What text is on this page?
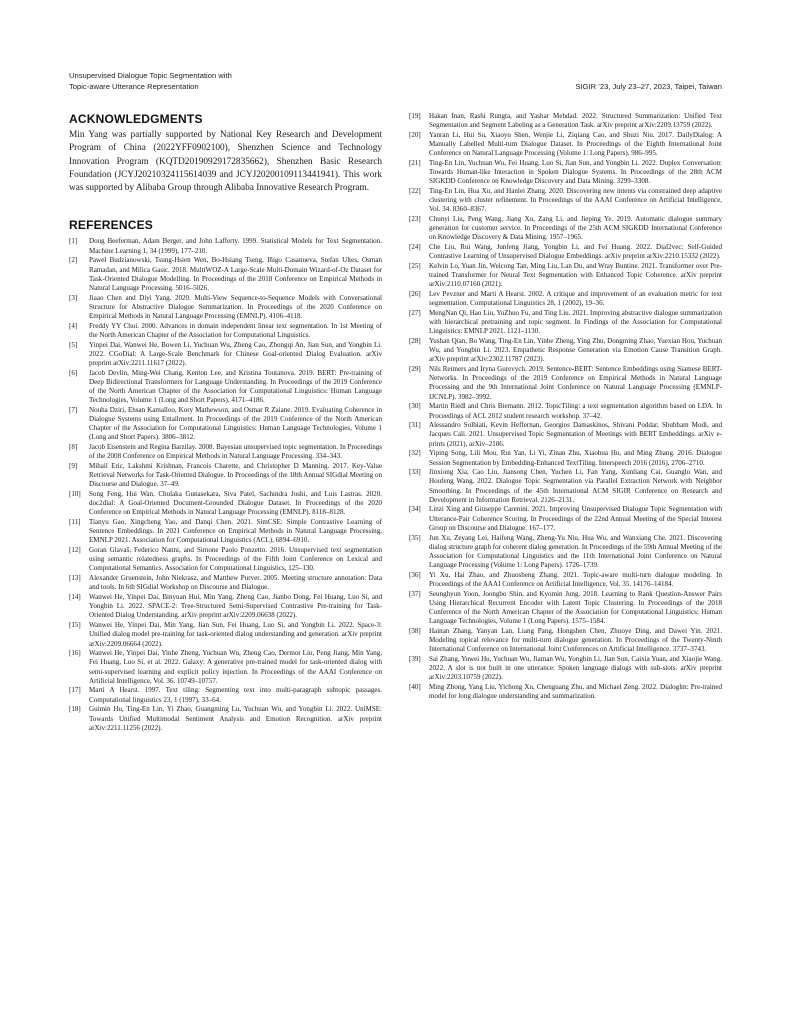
Unsupervised Dialogue Topic Segmentation with
Topic-aware Utterance Representation	SIGIR ’23, July 23–27, 2023, Taipei, Taiwan
ACKNOWLEDGMENTS

Min Yang was partially supported by National Key Research and Development Program of China (2022YFF0902100), Shenzhen Science and Technology Innovation Program (KQTD20190929172835662), Shenzhen Basic Research Foundation (JCYJ20210324115614039 and JCYJ20200109113441941). This work was supported by Alibaba Group through Alibaba Innovative Research Program.

REFERENCES
[1]	Doug Beeferman, Adam Berger, and John Lafferty. 1999. Statistical Models for Text Segmentation. Machine Learning 1, 34 (1999), 177–210.
[2]	Paweł Budzianowski, Tsung-Hsien Wen, Bo-Hsiang Tseng, Iñigo Casanueva, Stefan Ultes, Osman Ramadan, and Milica Gasic. 2018. MultiWOZ-A Large-Scale Multi-Domain Wizard-of-Oz Dataset for Task-Oriented Dialogue Modelling. In Proceedings of the 2018 Conference on Empirical Methods in Natural Language Processing. 5016–5026.
[3]	Jiaao Chen and Diyi Yang. 2020. Multi-View Sequence-to-Sequence Models with Conversational Structure for Abstractive Dialogue Summarization. In Proceedings of the 2020 Conference on Empirical Methods in Natural Language Processing (EMNLP). 4106–4118.
[4]	Freddy YY Choi. 2000. Advances in domain independent linear text segmentation. In 1st Meeting of the North American Chapter of the Association for Computational Linguistics.
[5]	Yinpei Dai, Wanwei He, Bowen Li, Yuchuan Wu, Zheng Cao, Zhongqi An, Jian Sun, and Yongbin Li. 2022. CGoDial: A Large-Scale Benchmark for Chinese Goal-oriented Dialog Evaluation. arXiv preprint arXiv:2211.11617 (2022).
[6]	Jacob Devlin, Ming-Wei Chang, Kenton Lee, and Kristina Toutanova. 2019. BERT: Pre-training of Deep Bidirectional Transformers for Language Understanding. In Proceedings of the 2019 Conference of the North American Chapter of the Association for Computational Linguistics: Human Language Technologies, Volume 1 (Long and Short Papers). 4171–4186.
[7]	Nouha Dziri, Ehsan Kamalloo, Kory Mathewson, and Osmar R Zaiane. 2019. Evaluating Coherence in Dialogue Systems using Entailment. In Proceedings of the 2019 Conference of the North American Chapter of the Association for Computational Linguistics: Human Language Technologies, Volume 1 (Long and Short Papers). 3806–3812.
[8]	Jacob Eisenstein and Regina Barzilay. 2008. Bayesian unsupervised topic segmentation. In Proceedings of the 2008 Conference on Empirical Methods in Natural Language Processing. 334–343.
[9]	Mihail Eric, Lakshmi Krishnan, Francois Charette, and Christopher D Manning. 2017. Key-Value Retrieval Networks for Task-Oriented Dialogue. In Proceedings of the 18th Annual SIGdial Meeting on Discourse and Dialogue. 37–49.
[10]	Song Feng, Hui Wan, Chulaka Gunasekara, Siva Patel, Sachindra Joshi, and Luis Lastras. 2020. doc2dial: A Goal-Oriented Document-Grounded Dialogue Dataset. In Proceedings of the 2020 Conference on Empirical Methods in Natural Language Processing (EMNLP). 8118–8128.
[11]	Tianyu Gao, Xingcheng Yao, and Danqi Chen. 2021. SimCSE: Simple Contrastive Learning of Sentence Embeddings. In 2021 Conference on Empirical Methods in Natural Language Processing, EMNLP 2021. Association for Computational Linguistics (ACL), 6894–6910.
[12]	Goran Glavaš, Federico Nanni, and Simone Paolo Ponzetto. 2016. Unsupervised text segmentation using semantic relatedness graphs. In Proceedings of the Fifth Joint Conference on Lexical and Computational Semantics. Association for Computational Linguistics, 125–130.
[13]	Alexander Gruenstein, John Niekrasz, and Matthew Purver. 2005. Meeting structure annotation: Data and tools. In 6th SIGdial Workshop on Discourse and Dialogue.
[14]	Wanwei He, Yinpei Dai, Binyuan Hui, Min Yang, Zheng Cao, Jianbo Dong, Fei Huang, Luo Si, and Yongbin Li. 2022. SPACE-2: Tree-Structured Semi-Supervised Contrastive Pre-training for Task-Oriented Dialog Understanding. arXiv preprint arXiv:2209.06638 (2022).
[15]	Wanwei He, Yinpei Dai, Min Yang, Jian Sun, Fei Huang, Luo Si, and Yongbin Li. 2022. Space-3: Unified dialog model pre-training for task-oriented dialog understanding and generation. arXiv preprint arXiv:2209.06664 (2022).
[16]	Wanwei He, Yinpei Dai, Yinhe Zheng, Yuchuan Wu, Zheng Cao, Dermot Liu, Peng Jiang, Min Yang, Fei Huang, Luo Si, et al. 2022. Galaxy: A generative pre-trained model for task-oriented dialog with semi-supervised learning and explicit policy injection. In Proceedings of the AAAI Conference on Artificial Intelligence, Vol. 36. 10749–10757.
[17]	Marti A Hearst. 1997. Text tiling: Segmenting text into multi-paragraph subtopic passages. Computational linguistics 23, 1 (1997), 33–64.
[18]	Guimin Hu, Ting-En Lin, Yi Zhao, Guangming Lu, Yuchuan Wu, and Yongbin Li. 2022. UniMSE: Towards Unified Multimodal Sentiment Analysis and Emotion Recognition. arXiv preprint arXiv:2211.11256 (2022).
[19]	Hakan Inan, Rashi Rungta, and Yashar Mehdad. 2022. Structured Summarization: Unified Text Segmentation and Segment Labeling as a Generation Task. arXiv preprint arXiv:2209.13759 (2022).
[20]	Yanran Li, Hui Su, Xiaoyu Shen, Wenjie Li, Ziqiang Cao, and Shuzi Niu. 2017. DailyDialog: A Manually Labelled Multi-turn Dialogue Dataset. In Proceedings of the Eighth International Joint Conference on Natural Language Processing (Volume 1: Long Papers). 986–995.
[21]	Ting-En Lin, Yuchuan Wu, Fei Huang, Luo Si, Jian Sun, and Yongbin Li. 2022. Duplex Conversation: Towards Human-like Interaction in Spoken Dialogue Systems. In Proceedings of the 28th ACM SIGKDD Conference on Knowledge Discovery and Data Mining. 3299–3308.
[22]	Ting-En Lin, Hua Xu, and Hanlei Zhang. 2020. Discovering new intents via constrained deep adaptive clustering with cluster refinement. In Proceedings of the AAAI Conference on Artificial Intelligence, Vol. 34. 8360–8367.
[23]	Chunyi Liu, Peng Wang, Jiang Xu, Zang Li, and Jieping Ye. 2019. Automatic dialogue summary generation for customer service. In Proceedings of the 25th ACM SIGKDD International Conference on Knowledge Discovery & Data Mining. 1957–1965.
[24]	Che Liu, Rui Wang, Junfeng Jiang, Yongbin Li, and Fei Huang. 2022. Dial2vec: Self-Guided Contrastive Learning of Unsupervised Dialogue Embeddings. arXiv preprint arXiv:2210.15332 (2022).
[25]	Kelvin Lo, Yuan Jin, Weicong Tan, Ming Liu, Lan Du, and Wray Buntine. 2021. Transformer over Pre-trained Transformer for Neural Text Segmentation with Enhanced Topic Coherence. arXiv preprint arXiv:2110.07160 (2021).
[26]	Lev Pevzner and Marti A Hearst. 2002. A critique and improvement of an evaluation metric for text segmentation. Computational Linguistics 28, 1 (2002), 19–36.
[27]	MengNan Qi, Hao Liu, YuZhuo Fu, and Ting Liu. 2021. Improving abstractive dialogue summarization with hierarchical pretraining and topic segment. In Findings of the Association for Computational Linguistics: EMNLP 2021. 1121–1130.
[28]	Yushan Qian, Bo Wang, Ting-En Lin, Yinhe Zheng, Ying Zhu, Dongming Zhao, Yuexian Hou, Yuchuan Wu, and Yongbin Li. 2023. Empathetic Response Generation via Emotion Cause Transition Graph. arXiv preprint arXiv:2302.11787 (2023).
[29]	Nils Reimers and Iryna Gurevych. 2019. Sentence-BERT: Sentence Embeddings using Siamese BERT-Networks. In Proceedings of the 2019 Conference on Empirical Methods in Natural Language Processing and the 9th International Joint Conference on Natural Language Processing (EMNLP-IJCNLP). 3982–3992.
[30]	Martin Riedl and Chris Biemann. 2012. TopicTiling: a text segmentation algorithm based on LDA. In Proceedings of ACL 2012 student research workshop. 37–42.
[31]	Alessandro Solbiati, Kevin Heffernan, Georgios Damaskinos, Shivani Poddar, Shubham Modi, and Jacques Cali. 2021. Unsupervised Topic Segmentation of Meetings with BERT Embeddings. arXiv e-prints (2021), arXiv–2106.
[32]	Yiping Song, Lili Mou, Rui Yan, Li Yi, Zinan Zhu, Xiaohua Hu, and Ming Zhang. 2016. Dialogue Session Segmentation by Embedding-Enhanced TextTiling. Interspeech 2016 (2016), 2706–2710.
[33]	Jinxiong Xia, Cao Liu, Jiansong Chen, Yuchen Li, Fan Yang, Xunliang Cai, Guanglu Wan, and Houfeng Wang. 2022. Dialogue Topic Segmentation via Parallel Extraction Network with Neighbor Smoothing. In Proceedings of the 45th International ACM SIGIR Conference on Research and Development in Information Retrieval. 2126–2131.
[34]	Linzi Xing and Giuseppe Carenini. 2021. Improving Unsupervised Dialogue Topic Segmentation with Utterance-Pair Coherence Scoring. In Proceedings of the 22nd Annual Meeting of the Special Interest Group on Discourse and Dialogue. 167–177.
[35]	Jun Xu, Zeyang Lei, Haifeng Wang, Zheng-Yu Niu, Hua Wu, and Wanxiang Che. 2021. Discovering dialog structure graph for coherent dialog generation. In Proceedings of the 59th Annual Meeting of the Association for Computational Linguistics and the 11th International Joint Conference on Natural Language Processing (Volume 1: Long Papers). 1726–1739.
[36]	Yi Xu, Hai Zhao, and Zhuosheng Zhang. 2021. Topic-aware multi-turn dialogue modeling. In Proceedings of the AAAI Conference on Artificial Intelligence, Vol. 35. 14176–14184.
[37]	Seunghyun Yoon, Joongbo Shin, and Kyomin Jung. 2018. Learning to Rank Question-Answer Pairs Using Hierarchical Recurrent Encoder with Latent Topic Clustering. In Proceedings of the 2018 Conference of the North American Chapter of the Association for Computational Linguistics: Human Language Technologies, Volume 1 (Long Papers). 1575–1584.
[38]	Hainan Zhang, Yanyan Lan, Liang Pang, Hongshen Chen, Zhuoye Ding, and Dawei Yin. 2021. Modeling topical relevance for multi-turn dialogue generation. In Proceedings of the Twenty-Ninth International Conference on International Joint Conferences on Artificial Intelligence. 3737–3743.
[39]	Sai Zhang, Yuwei Hu, Yuchuan Wu, Jiaman Wu, Yongbin Li, Jian Sun, Caixia Yuan, and Xiaojie Wang. 2022. A slot is not built in one utterance: Spoken language dialogs with sub-slots. arXiv preprint arXiv:2203.10759 (2022).
[40]	Ming Zhong, Yang Liu, Yichong Xu, Chenguang Zhu, and Michael Zeng. 2022. Dialoglm: Pre-trained model for long dialogue understanding and summarization.
